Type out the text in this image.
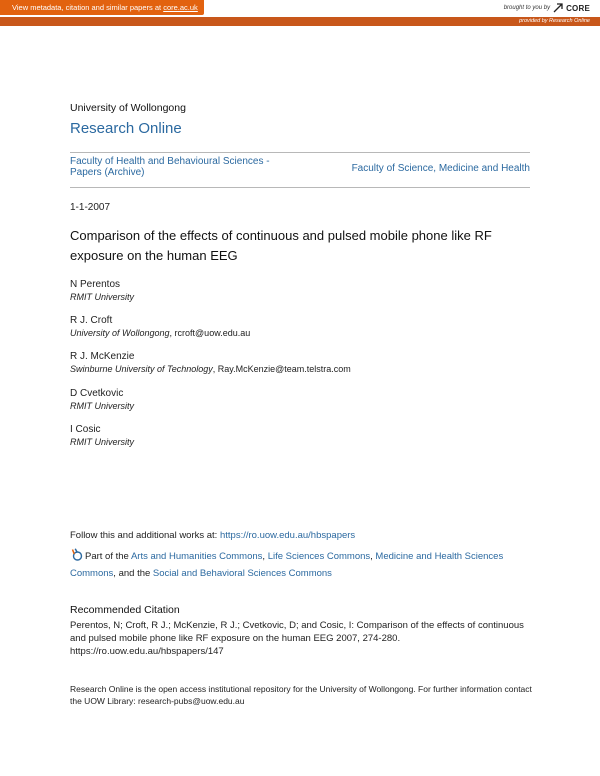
View metadata, citation and similar papers at core.ac.uk	brought to you by CORE
provided by Research Online
University of Wollongong
Research Online
Faculty of Health and Behavioural Sciences - Papers (Archive)	Faculty of Science, Medicine and Health
1-1-2007
Comparison of the effects of continuous and pulsed mobile phone like RF exposure on the human EEG
N Perentos
RMIT University
R J. Croft
University of Wollongong, rcroft@uow.edu.au
R J. McKenzie
Swinburne University of Technology, Ray.McKenzie@team.telstra.com
D Cvetkovic
RMIT University
I Cosic
RMIT University
Follow this and additional works at: https://ro.uow.edu.au/hbspapers
Part of the Arts and Humanities Commons, Life Sciences Commons, Medicine and Health Sciences Commons, and the Social and Behavioral Sciences Commons
Recommended Citation
Perentos, N; Croft, R J.; McKenzie, R J.; Cvetkovic, D; and Cosic, I: Comparison of the effects of continuous and pulsed mobile phone like RF exposure on the human EEG 2007, 274-280.
https://ro.uow.edu.au/hbspapers/147
Research Online is the open access institutional repository for the University of Wollongong. For further information contact the UOW Library: research-pubs@uow.edu.au
